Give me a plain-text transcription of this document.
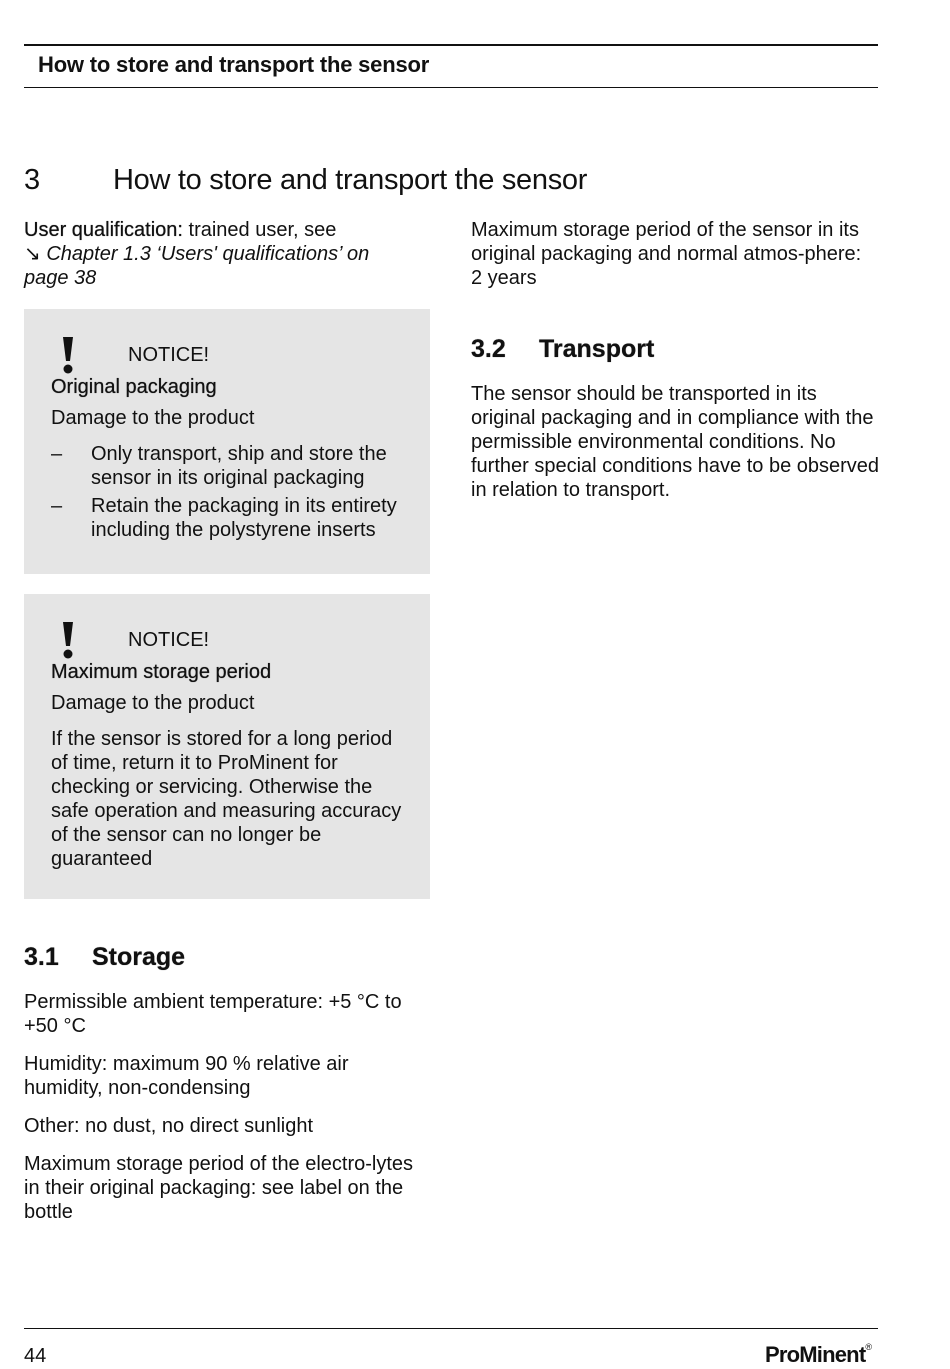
How to store and transport the sensor
3	How to store and transport the sensor

User qualification: trained user, see
↘ Chapter 1.3 ‘Users' qualifications’ on page 38

NOTICE!
Original packaging
Damage to the product
–	Only transport, ship and store the sensor in its original packaging
–	Retain the packaging in its entirety including the polystyrene inserts
NOTICE!
Maximum storage period
Damage to the product
If the sensor is stored for a long period of time, return it to ProMinent for checking or servicing. Otherwise the safe operation and measuring accuracy of the sensor can no longer be guaranteed
3.1	Storage

Permissible ambient temperature: +5 °C to +50 °C

Humidity: maximum 90 % relative air humidity, non-condensing

Other: no dust, no direct sunlight

Maximum storage period of the electro-lytes in their original packaging: see label on the bottle

Maximum storage period of the sensor in its original packaging and normal atmos-phere: 2 years

3.2	Transport

The sensor should be transported in its original packaging and in compliance with the permissible environmental conditions. No further special conditions have to be observed in relation to transport.

44	ProMinent®
